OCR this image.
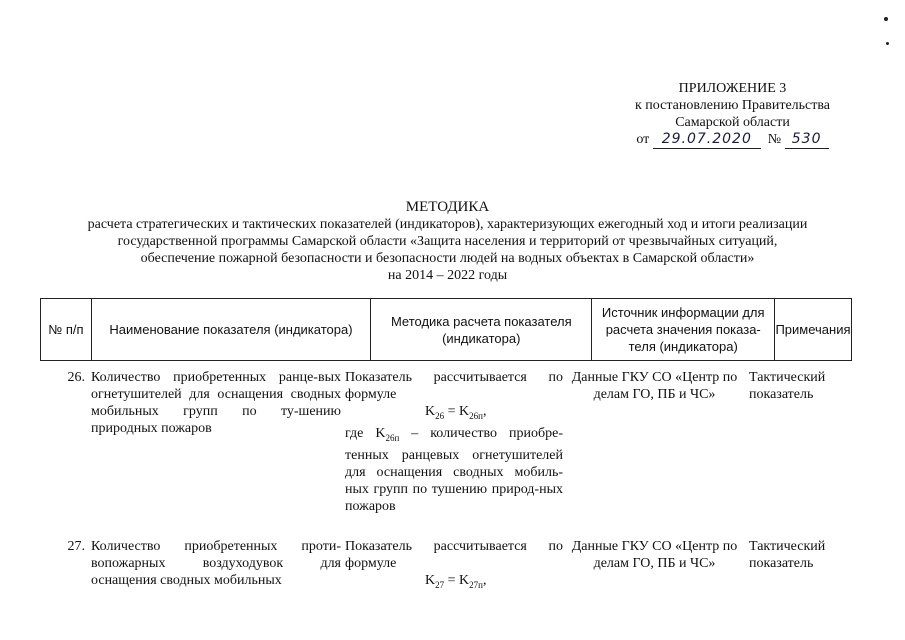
ПРИЛОЖЕНИЕ 3
к постановлению Правительства
Самарской области
от 29.07.2020 № 530
МЕТОДИКА
расчета стратегических и тактических показателей (индикаторов), характеризующих ежегодный ход и итоги реализации
государственной программы Самарской области «Защита населения и территорий от чрезвычайных ситуаций,
обеспечение пожарной безопасности и безопасности людей на водных объектах в Самарской области»
на 2014 – 2022 годы
№ п/п	Наименование показателя (индикатора)
Методика расчета показателя (индикатора)
Источник информации для расчета значения показа-теля (индикатора)
Примечания
26. Количество приобретенных ранце-вых огнетушителей для оснащения сводных мобильных групп по ту-шению природных пожаров
Показатель рассчитывается по формуле
$K_{26} = K_{26п}$,
где $K_{26п}$ – количество приобре-тенных ранцевых огнетушителей для оснащения сводных мобиль-ных групп по тушению природ-ных пожаров
Данные ГКУ СО «Центр по делам ГО, ПБ и ЧС»
Тактический показатель
27. Количество приобретенных проти-вопожарных воздуходувок для оснащения сводных мобильных
Показатель рассчитывается по формуле
$K_{27} = K_{27п}$,
Данные ГКУ СО «Центр по делам ГО, ПБ и ЧС»
Тактический показатель
